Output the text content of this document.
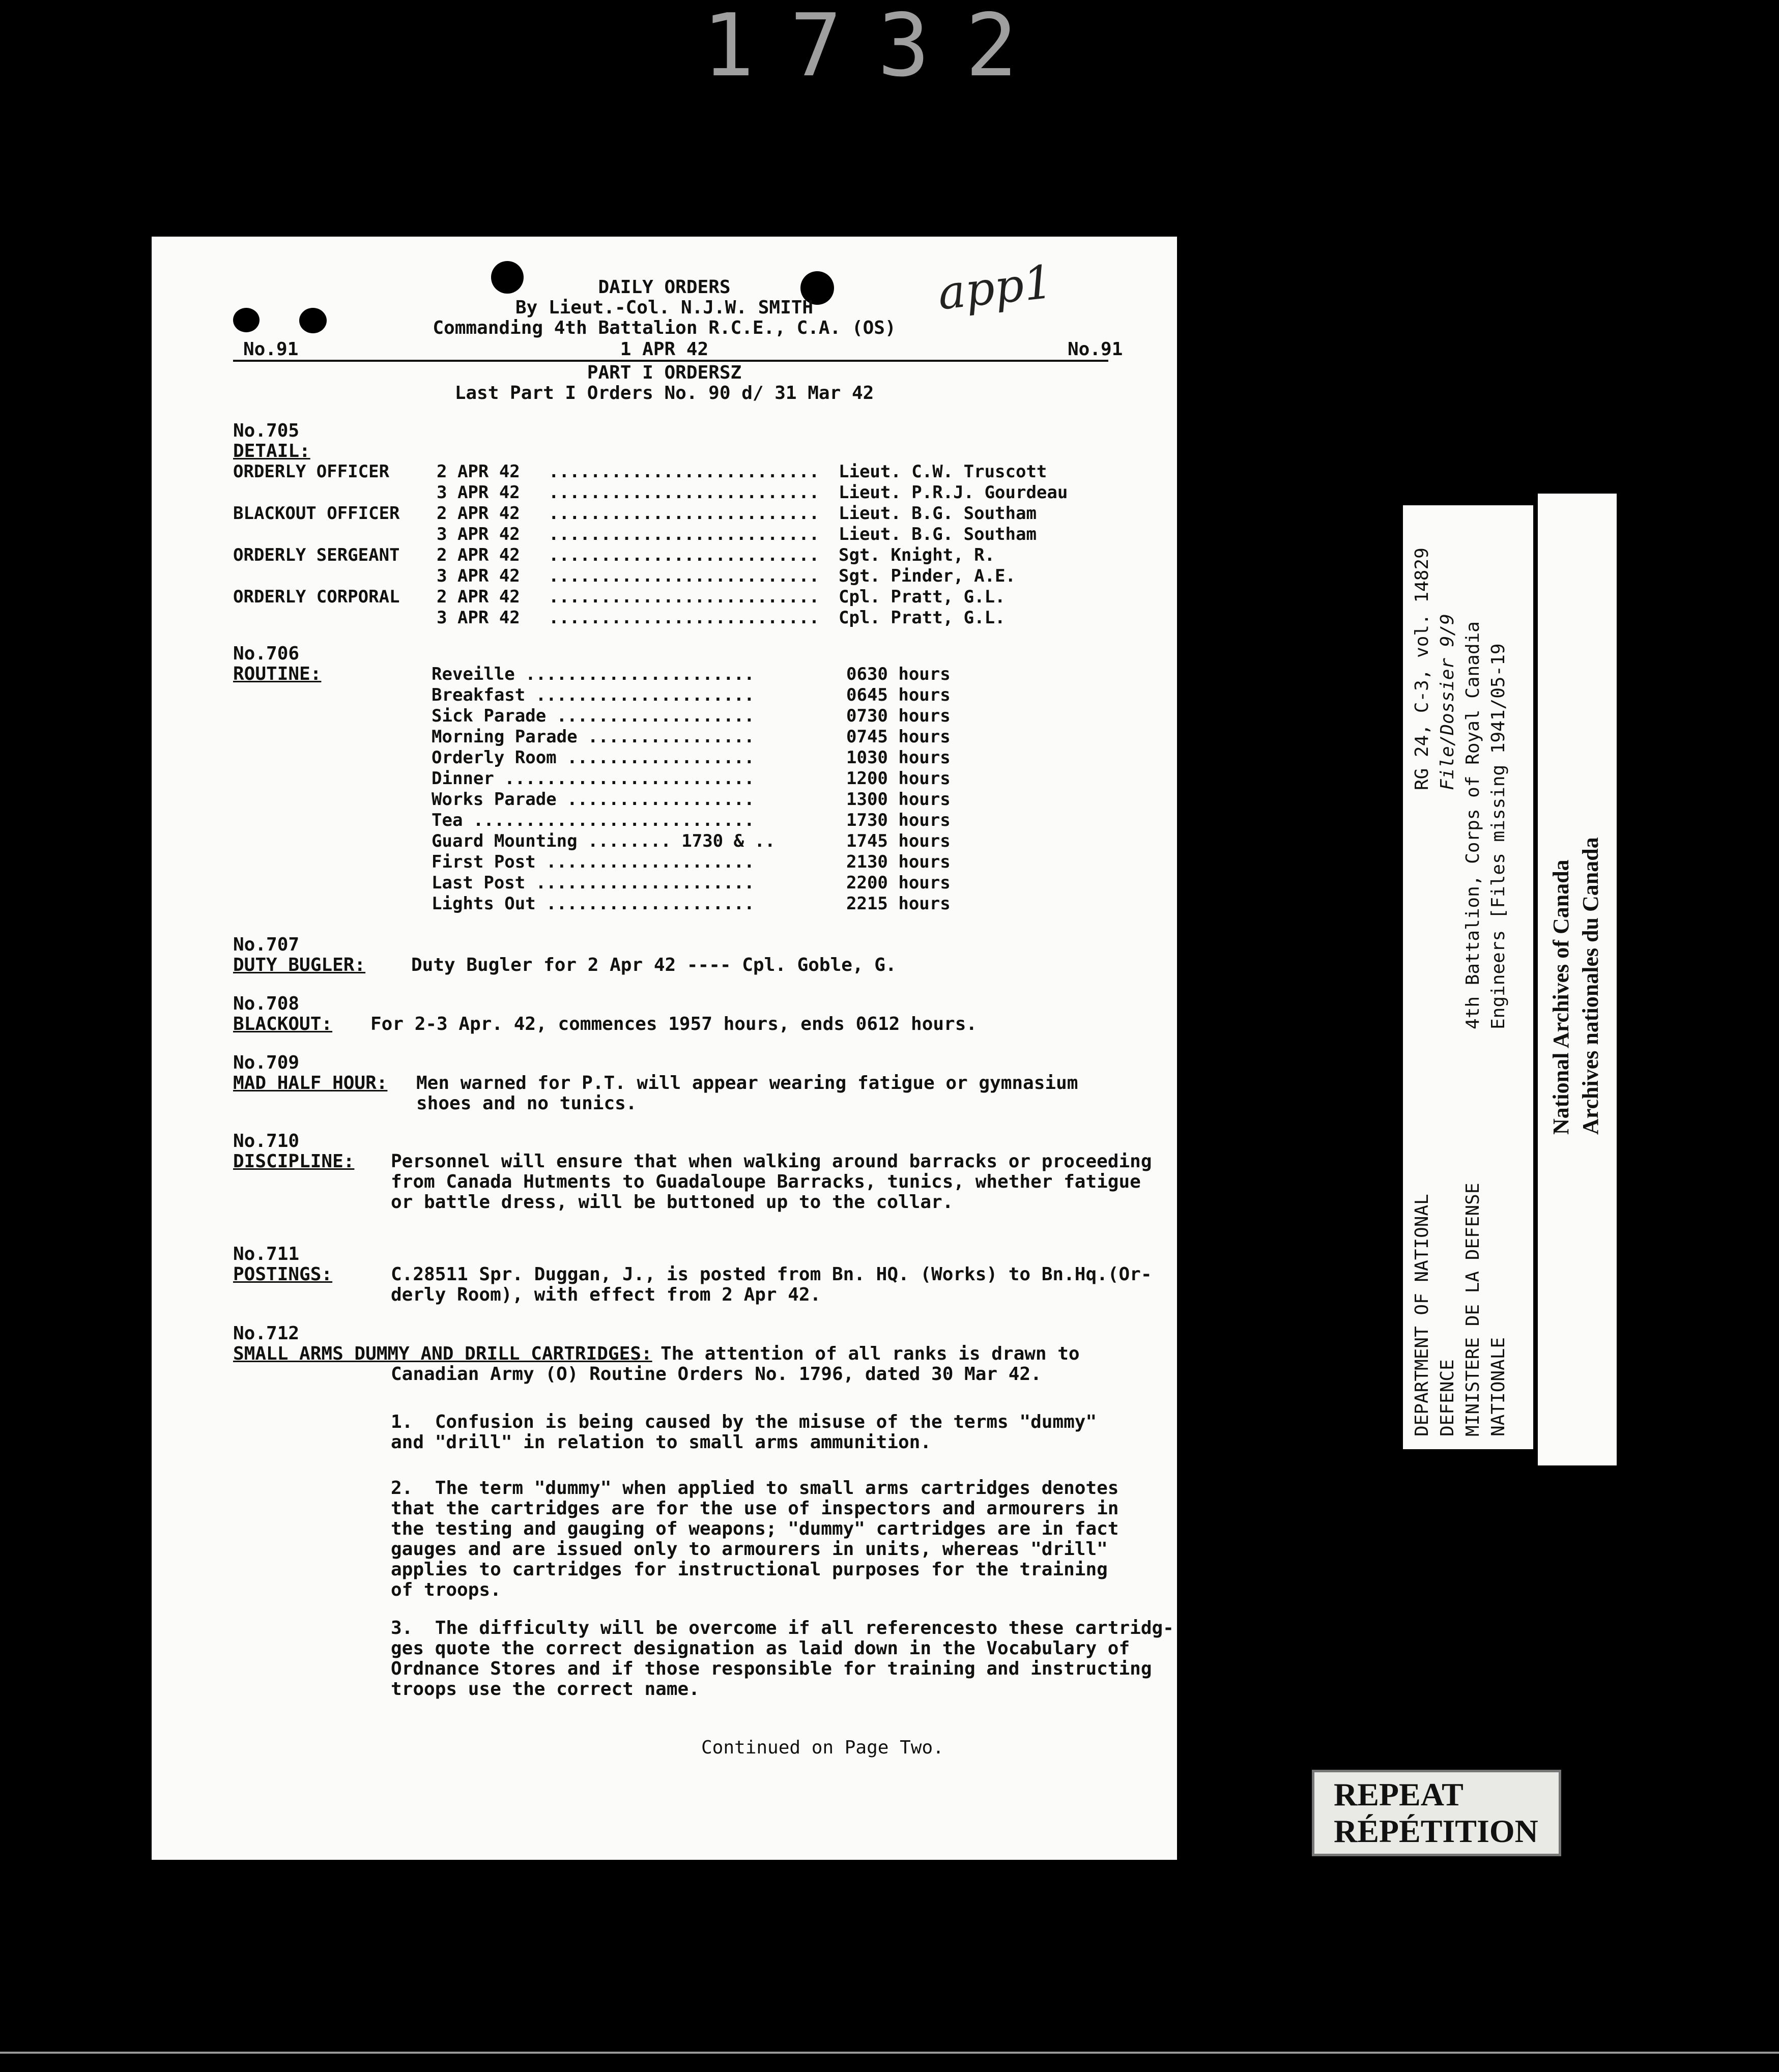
1732
app1
DAILY ORDERS
By Lieut.-Col. N.J.W. SMITH
Commanding 4th Battalion R.C.E., C.A. (OS)
No.91	1 APR 42	No.91
PART I ORDERSZ
Last Part I Orders No. 90 d/ 31 Mar 42
No.705
DETAIL:
ORDERLY OFFICER	2 APR 42 .......................... Lieut. C.W. Truscott
3 APR 42 .......................... Lieut. P.R.J. Gourdeau
BLACKOUT OFFICER 2 APR 42 .......................... Lieut. B.G. Southam
3 APR 42 .......................... Lieut. B.G. Southam
ORDERLY SERGEANT 2 APR 42 .......................... Sgt. Knight, R.
3 APR 42 .......................... Sgt. Pinder, A.E.
ORDERLY CORPORAL 2 APR 42 .......................... Cpl. Pratt, G.L.
3 APR 42 .......................... Cpl. Pratt, G.L.
No.706
ROUTINE:	Reveille ......................	0630 hours
Breakfast .....................	0645 hours
Sick Parade ...................	0730 hours
Morning Parade ................	0745 hours
Orderly Room ..................	1030 hours
Dinner ........................	1200 hours
Works Parade ..................	1300 hours
Tea ...........................	1730 hours
Guard Mounting ........ 1730 & ..	1745 hours
First Post ....................	2130 hours
Last Post .....................	2200 hours
Lights Out ....................	2215 hours
No.707
DUTY BUGLER: Duty Bugler for 2 Apr 42 ---- Cpl. Goble, G.
No.708
BLACKOUT: For 2-3 Apr. 42, commences 1957 hours, ends 0612 hours.
No.709
MAD HALF HOUR: Men warned for P.T. will appear wearing fatigue or gymnasium
shoes and no tunics.
No.710
DISCIPLINE: Personnel will ensure that when walking around barracks or proceeding
from Canada Hutments to Guadaloupe Barracks, tunics, whether fatigue
or battle dress, will be buttoned up to the collar.
No.711
POSTINGS:	C.28511 Spr. Duggan, J., is posted from Bn. HQ. (Works) to Bn.Hq.(Or-
derly Room), with effect from 2 Apr 42.
No.712
SMALL ARMS DUMMY AND DRILL CARTRIDGES: The attention of all ranks is drawn to
Canadian Army (O) Routine Orders No. 1796, dated 30 Mar 42.
1.  Confusion is being caused by the misuse of the terms "dummy"
and "drill" in relation to small arms ammunition.
2.  The term "dummy" when applied to small arms cartridges denotes
that the cartridges are for the use of inspectors and armourers in
the testing and gauging of weapons; "dummy" cartridges are in fact
gauges and are issued only to armourers in units, whereas "drill"
applies to cartridges for instructional purposes for the training
of troops.
3.  The difficulty will be overcome if all referencesto these cartridg-
ges quote the correct designation as laid down in the Vocabulary of
Ordnance Stores and if those responsible for training and instructing
troops use the correct name.
Continued on Page Two.
RG 24, C-3, vol. 14829 File/Dossier 9/9 4th Battalion, Corps of Royal Canadia Engineers [Files missing 1941/05-19
DEPARTMENT OF NATIONAL DEFENCE MINISTERE DE LA DEFENSE NATIONALE
National Archives of Canada Archives nationales du Canada
REPEAT
RÉPÉTITION
